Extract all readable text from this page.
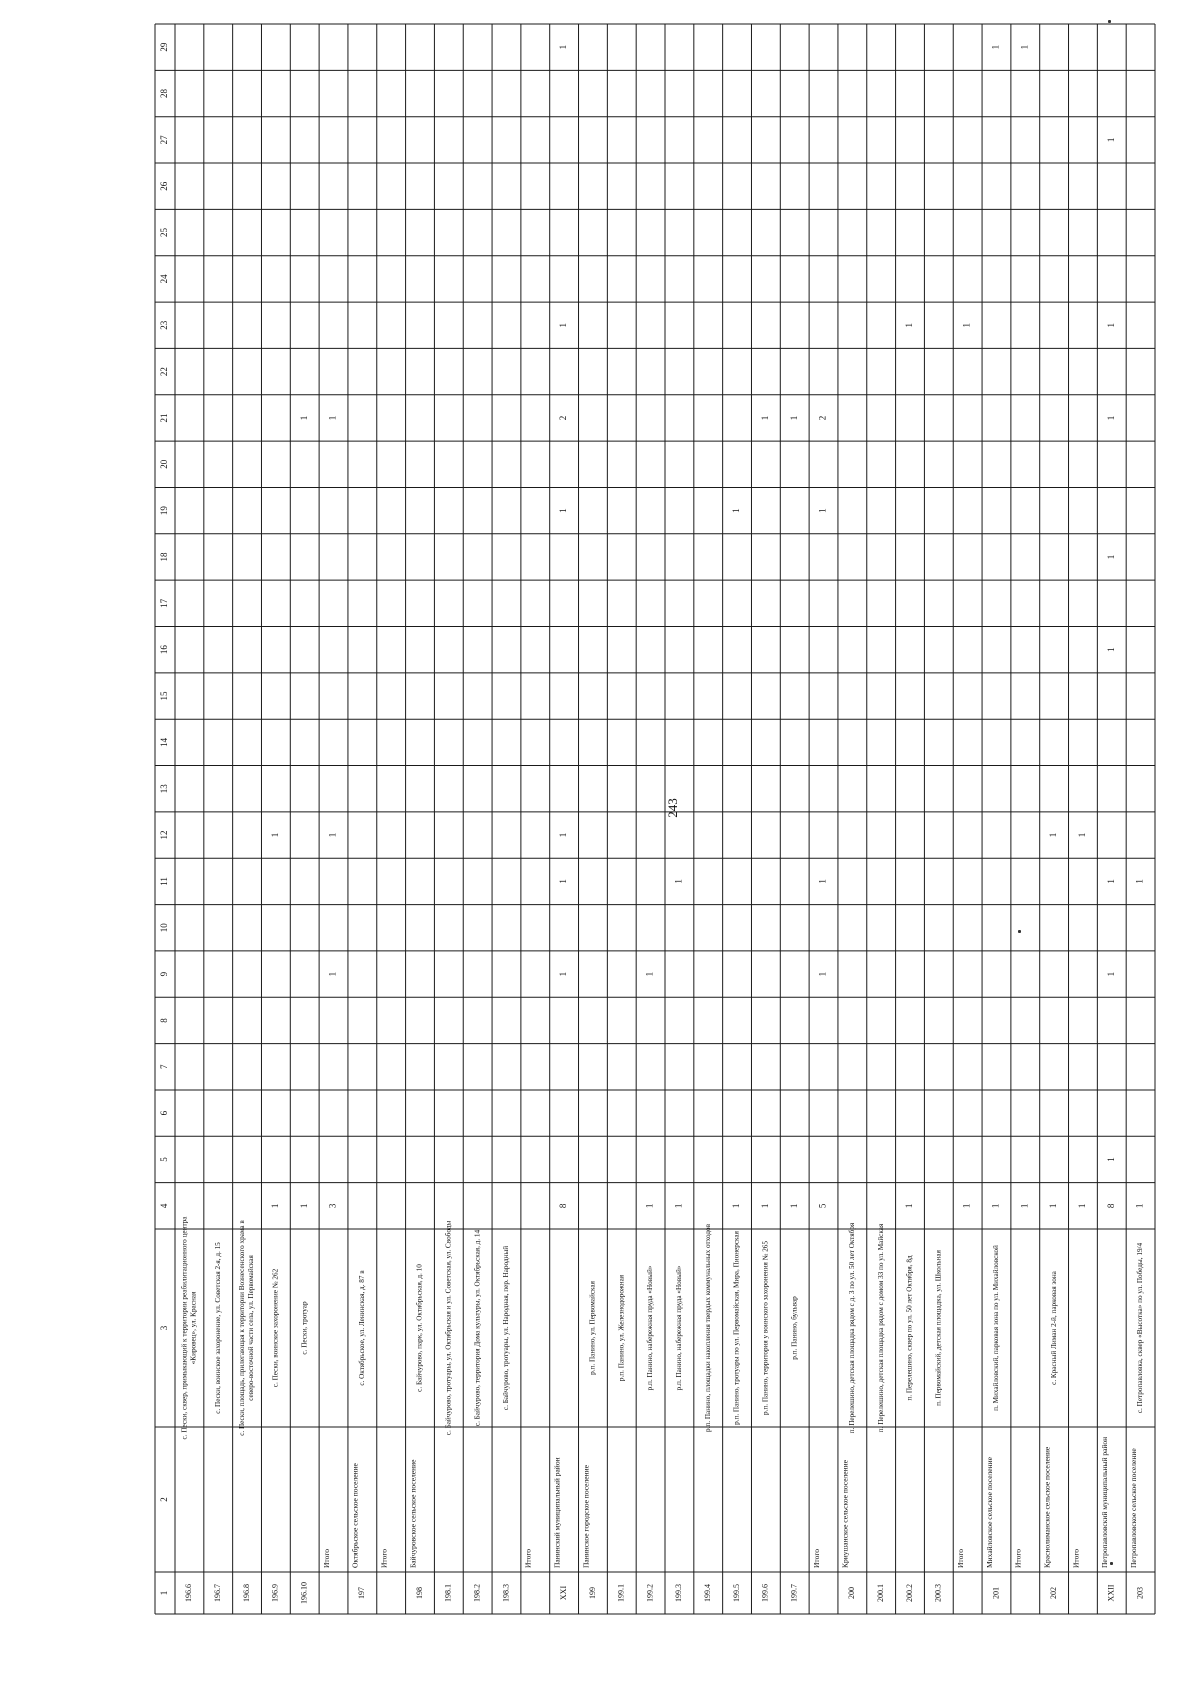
243
1
2
3
4
5
6
7
8
9
10
11
12
13
14
15
16
17
18
19
20
21
22
23
24
25
26
27
28
29
196.6
с. Пески, сквер, примыкающий к территории реабилитационного центра «Кировец», ул. Красная
196.7
с. Пески, воинское захоронение, ул. Советская 2-я, д. 15
196.8
с. Пески, площадь, прилегающая к территории Вознесенского храма в северо-восточной части села, ул. Первомайская
196.9
с. Пески, воинское захоронение № 262
1
1
196.10
с. Пески, тротуар
1
1
Итого
3
1
1
1
197
Октябрьское сельское поселение
с. Октябрьское, ул. Ленинская, д. 87 в
Итого
198
Байчуровское сельское поселение
с. Байчурово, парк, ул. Октябрьская, д. 10
198.1
с. Байчурово, тротуары, ул. Октябрьская и ул. Советская, ул. Свободы
198.2
с. Байчурово, территория Дома культуры, ул. Октябрьская, д. 14
198.3
с. Байчурово, тротуары, ул. Народная, пер. Народный
Итого
XXI
Панинский муниципальный район
8
1
1
1
1
2
1
1
199
Панинское городское поселение
р.п. Панино, ул. Первомайская
199.1
р.п. Панино, ул. Железнодорожная
199.2
р.п. Панино, набережная пруда «Новый»
1
1
199.3
р.п. Панино, набережная пруда «Новый»
1
1
199.4
р.п. Панино, площадки накопления твердых коммунальных отходов
199.5
р.п. Панино, тротуары по ул. Первомайская, Мира, Пионерская
1
1
199.6
р.п. Панино, территория у воинского захоронения № 265
1
1
199.7
р.п. Панино, бульвар
1
1
Итого
5
1
1
1
2
200
Криушанское сельское поселение
п. Перелешино, детская площадка рядом с д. 3 по ул. 50 лет Октября
200.1
п. Перелешино, детская площадка рядом с домом 33 по ул. Майская
200.2
п. Перелешино, сквер по ул. 50 лет Октября, 8д
1
1
200.3
п. Первомайский, детская площадка, ул. Школьная
Итого
1
1
201
Михайловское сельское поселение
п. Михайловский, парковая зона по ул. Михайловской
1
1
Итого
1
1
202
Краснолиманское сельское поселение
с. Красный Лиман 2-й, парковая зона
1
1
Итого
1
1
XXII
Петропавловский муниципальный район
8
1
1
1
1
1
1
1
1
203
Петропавловское сельское поселение
с. Петропавловка, сквер «Высотка» по ул. Победы, 19/4
1
1
